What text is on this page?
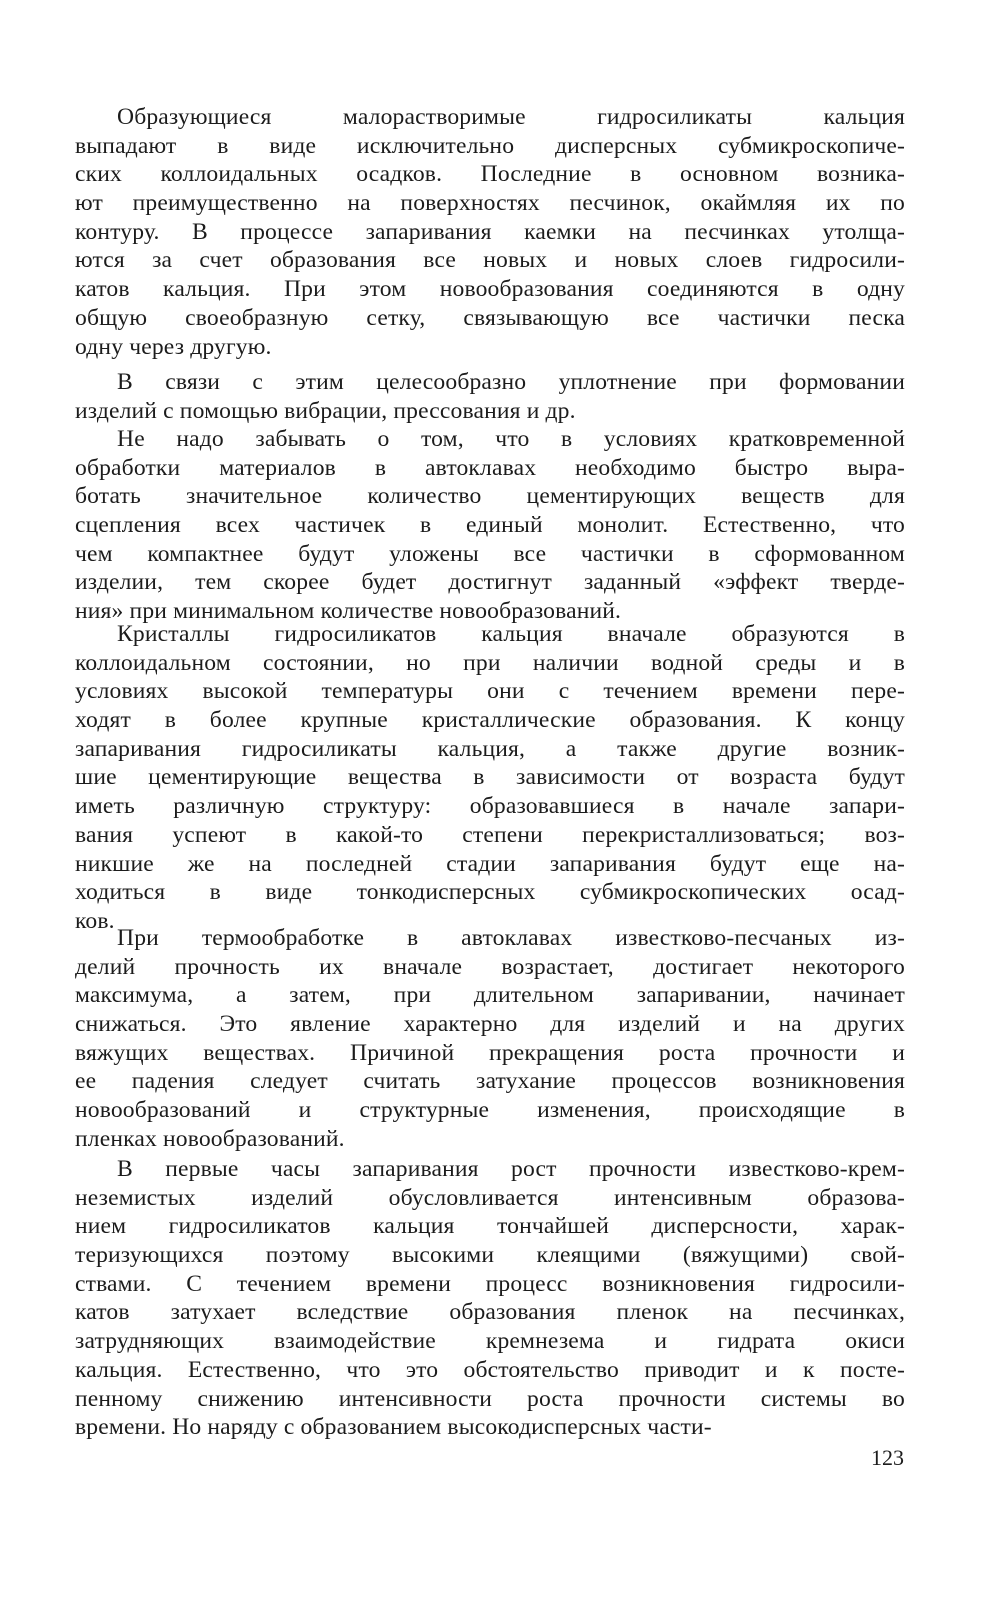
Образующиеся малорастворимые гидросиликаты кальция
выпадают в виде исключительно дисперсных субмикроскопиче-
ских коллоидальных осадков. Последние в основном возника-
ют преимущественно на поверхностях песчинок, окаймляя их по
контуру. В процессе запаривания каемки на песчинках утолща-
ются за счет образования все новых и новых слоев гидросили-
катов кальция. При этом новообразования соединяются в одну
общую своеобразную сетку, связывающую все частички песка
одну через другую.
В связи с этим целесообразно уплотнение при формовании
изделий с помощью вибрации, прессования и др.
Не надо забывать о том, что в условиях кратковременной
обработки материалов в автоклавах необходимо быстро выра-
ботать значительное количество цементирующих веществ для
сцепления всех частичек в единый монолит. Естественно, что
чем компактнее будут уложены все частички в сформованном
изделии, тем скорее будет достигнут заданный «эффект тверде-
ния» при минимальном количестве новообразований.
Кристаллы гидросиликатов кальция вначале образуются в
коллоидальном состоянии, но при наличии водной среды и в
условиях высокой температуры они с течением времени пере-
ходят в более крупные кристаллические образования. К концу
запаривания гидросиликаты кальция, а также другие возник-
шие цементирующие вещества в зависимости от возраста будут
иметь различную структуру: образовавшиеся в начале запари-
вания успеют в какой-то степени перекристаллизоваться; воз-
никшие же на последней стадии запаривания будут еще на-
ходиться в виде тонкодисперсных субмикроскопических осад-
ков.
При термообработке в автоклавах известково-песчаных из-
делий прочность их вначале возрастает, достигает некоторого
максимума, а затем, при длительном запаривании, начинает
снижаться. Это явление характерно для изделий и на других
вяжущих веществах. Причиной прекращения роста прочности и
ее падения следует считать затухание процессов возникновения
новообразований и структурные изменения, происходящие в
пленках новообразований.
В первые часы запаривания рост прочности известково-крем-
неземистых изделий обусловливается интенсивным образова-
нием гидросиликатов кальция тончайшей дисперсности, харак-
теризующихся поэтому высокими клеящими (вяжущими) свой-
ствами. С течением времени процесс возникновения гидросили-
катов затухает вследствие образования пленок на песчинках,
затрудняющих взаимодействие кремнезема и гидрата окиси
кальция. Естественно, что это обстоятельство приводит и к посте-
пенному снижению интенсивности роста прочности системы во
времени. Но наряду с образованием высокодисперсных части-
123
